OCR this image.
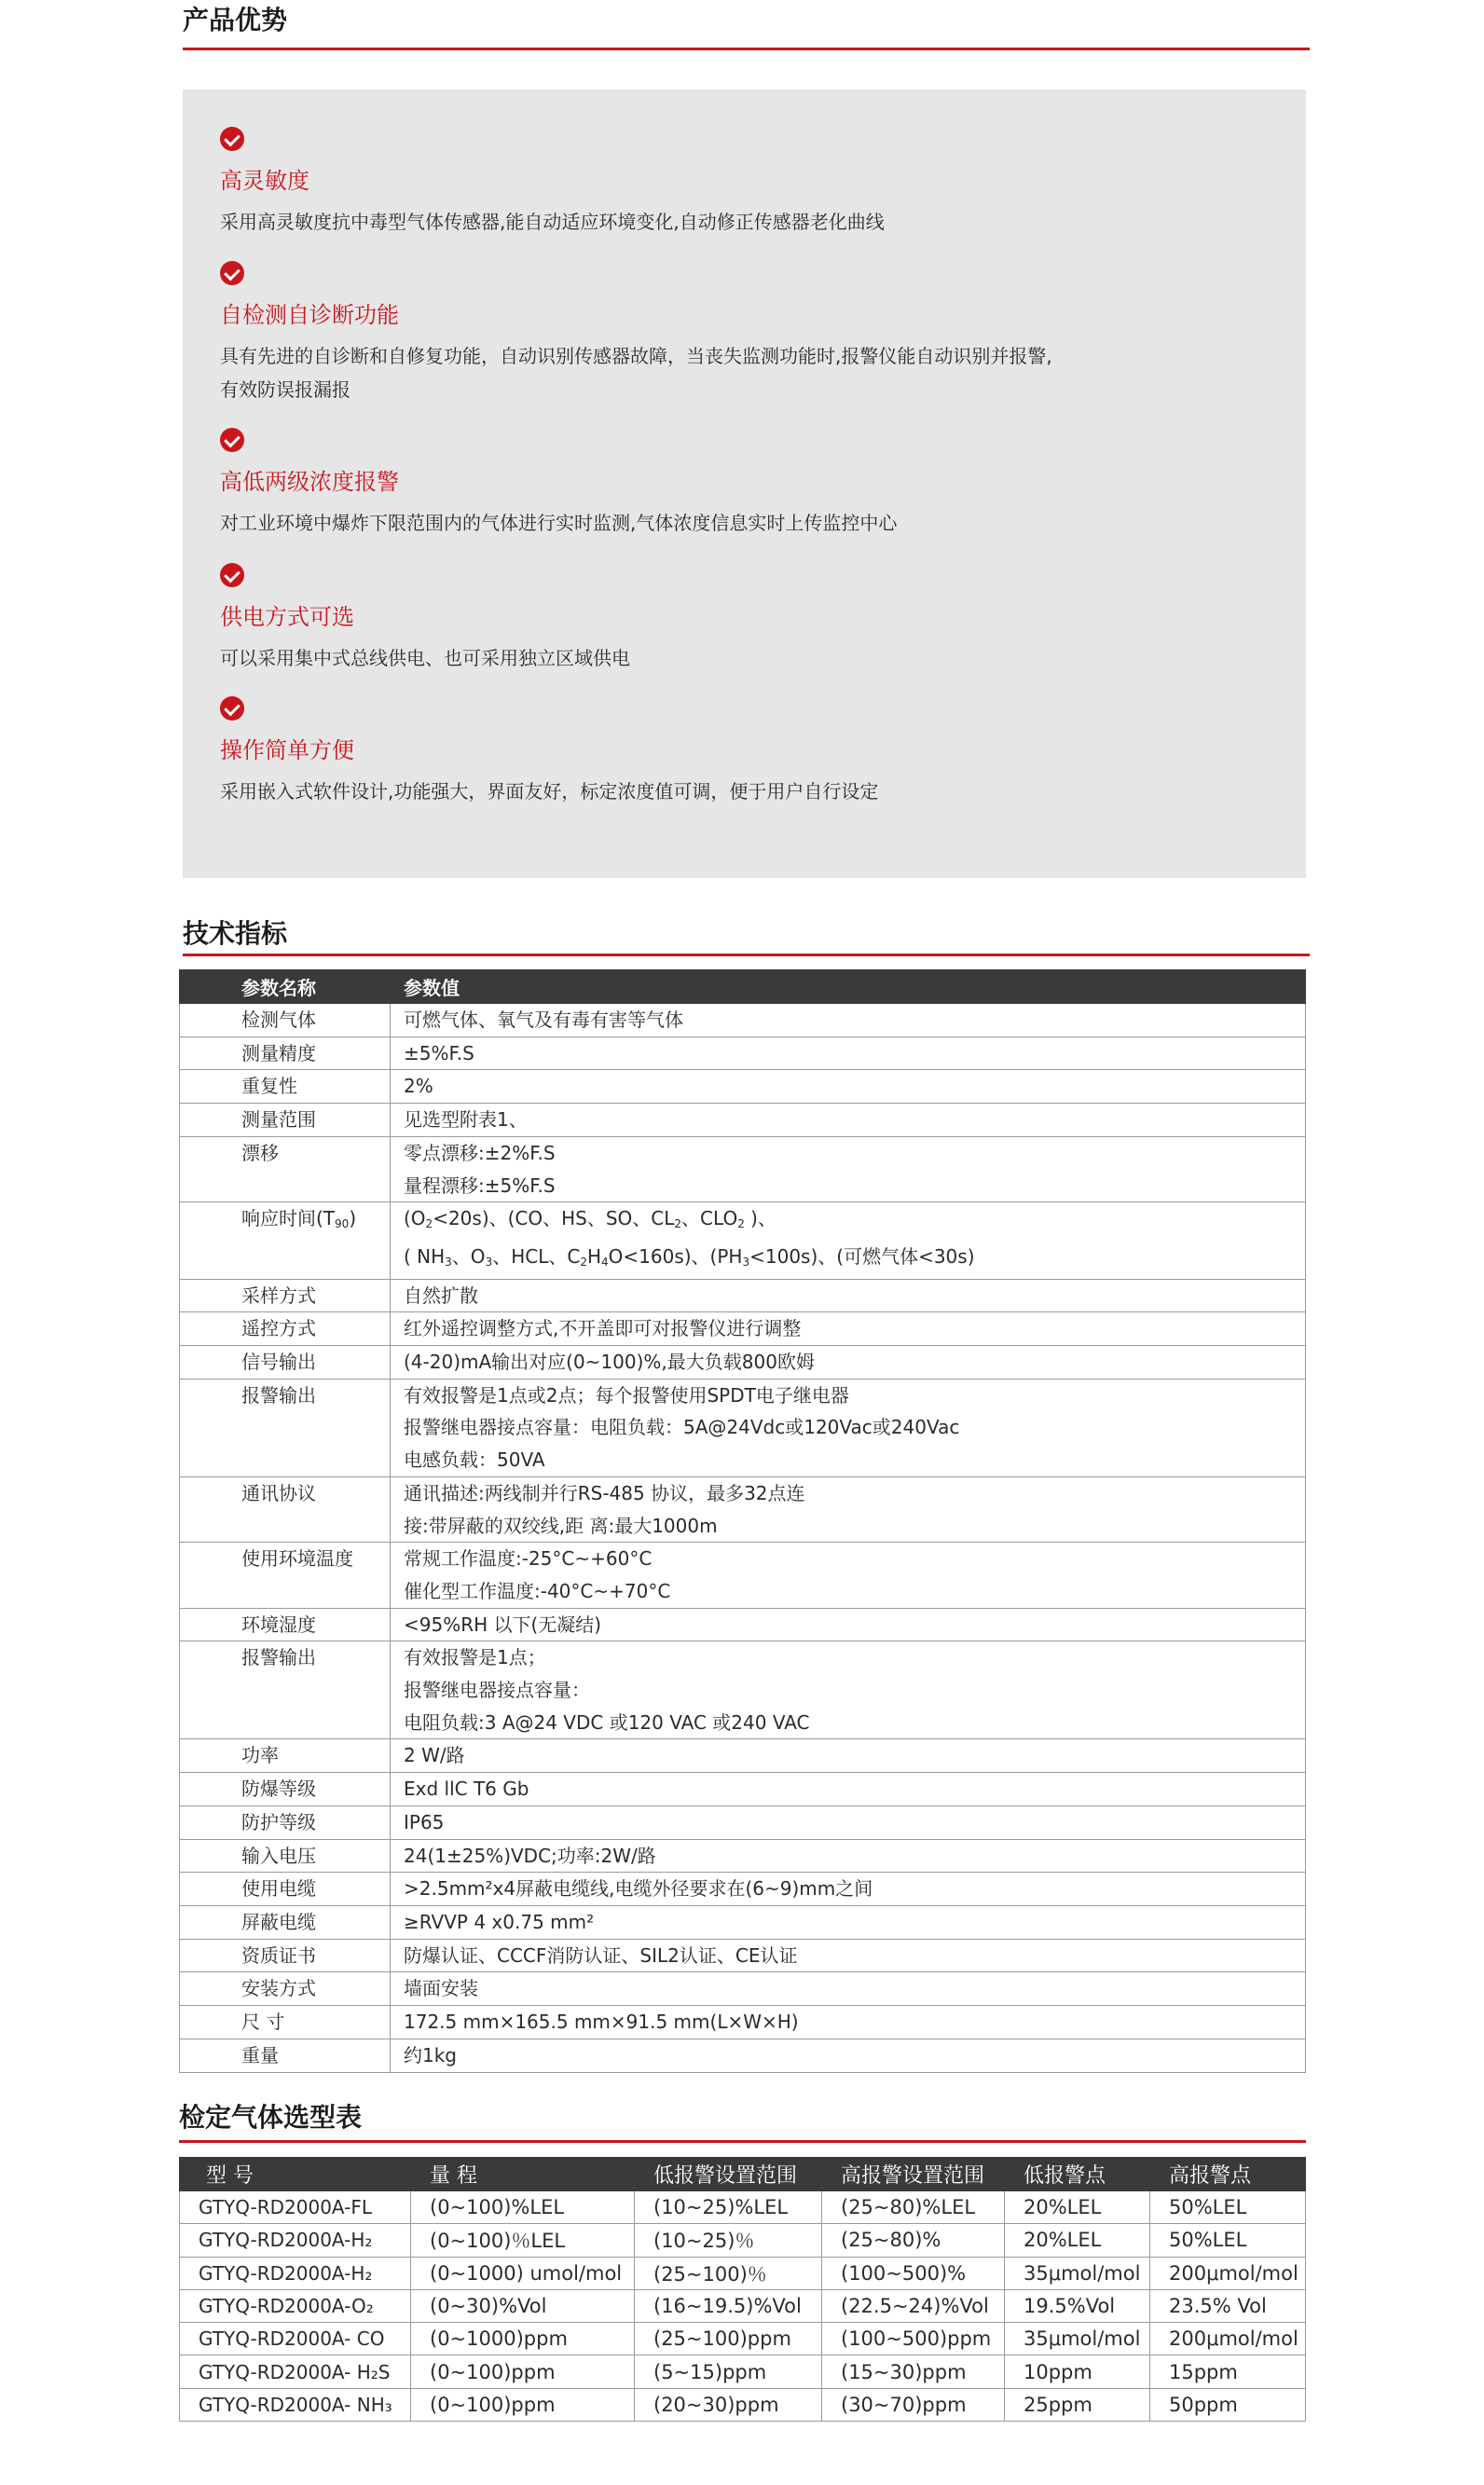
产品优势
高灵敏度
采用高灵敏度抗中毒型气体传感器,能自动适应环境变化,自动修正传感器老化曲线
自检测自诊断功能
具有先进的自诊断和自修复功能，自动识别传感器故障，当丧失监测功能时,报警仪能自动识别并报警,
有效防误报漏报
高低两级浓度报警
对工业环境中爆炸下限范围内的气体进行实时监测,气体浓度信息实时上传监控中心
供电方式可选
可以采用集中式总线供电、也可采用独立区域供电
操作简单方便
采用嵌入式软件设计,功能强大，界面友好，标定浓度值可调，便于用户自行设定
技术指标
参数名称	参数值
检测气体	可燃气体、氧气及有毒有害等气体

测量精度	±5%F.S

重复性	2%

测量范围	见选型附表1、

漂移	零点漂移:±2%F.S
量程漂移:±5%F.S

响应时间$(T_{90})$	$(O_2<20s)$、(CO、HS、SO、$CL_2$、$CLO_2$ )、
( $NH_3$、$O_3$、HCL、$C_2H_4O<160s$)、$(PH_3<100s)$、(可燃气体<30s)

采样方式	自然扩散

遥控方式	红外遥控调整方式,不开盖即可对报警仪进行调整

信号输出	(4-20)mA输出对应(0~100)%,最大负载800欧姆

报警输出	有效报警是1点或2点；每个报警使用SPDT电子继电器
报警继电器接点容量：电阻负载：5A@24Vdc或120Vac或240Vac
电感负载：50VA

通讯协议	通讯描述:两线制并行RS-485 协议，最多32点连
接:带屏蔽的双绞线,距 离:最大1000m

使用环境温度	常规工作温度:-25°C~+60°C
催化型工作温度:-40°C~+70°C

环境湿度	<95%RH 以下(无凝结)

报警输出	有效报警是1点；
报警继电器接点容量：
电阻负载:3 A@24 VDC 或120 VAC 或240 VAC

功率	2 W/路

防爆等级	Exd llC T6 Gb

防护等级	IP65

输入电压	24(1±25%)VDC;功率:2W/路

使用电缆	>2.5mm²x4屏蔽电缆线,电缆外径要求在(6~9)mm之间

屏蔽电缆	≥RVVP 4 x0.75 mm²

资质证书	防爆认证、CCCF消防认证、SIL2认证、CE认证

安装方式	墙面安装

尺 寸	172.5 mm×165.5 mm×91.5 mm(L×W×H)

重量	约1kg
检定气体选型表
型 号	量 程	低报警设置范围	高报警设置范围	低报警点	高报警点
GTYQ-RD2000A-FL	(0~100)%LEL	(10~25)%LEL	(25~80)%LEL	20%LEL	50%LEL
GTYQ-RD2000A-H₂	(0~100)％LEL	(10~25)％	(25~80)%	20%LEL	50%LEL
GTYQ-RD2000A-H₂	(0~1000) umol/mol	(25~100)％	(100~500)%	35μmol/mol	200μmol/mol
GTYQ-RD2000A-O₂	(0~30)%Vol	(16~19.5)%Vol	(22.5~24)%Vol	19.5%Vol	23.5% Vol
GTYQ-RD2000A- CO	(0~1000)ppm	(25~100)ppm	(100~500)ppm	35μmol/mol	200μmol/mol
GTYQ-RD2000A- H₂S	(0~100)ppm	(5~15)ppm	(15~30)ppm	10ppm	15ppm
GTYQ-RD2000A- NH₃	(0~100)ppm	(20~30)ppm	(30~70)ppm	25ppm	50ppm
